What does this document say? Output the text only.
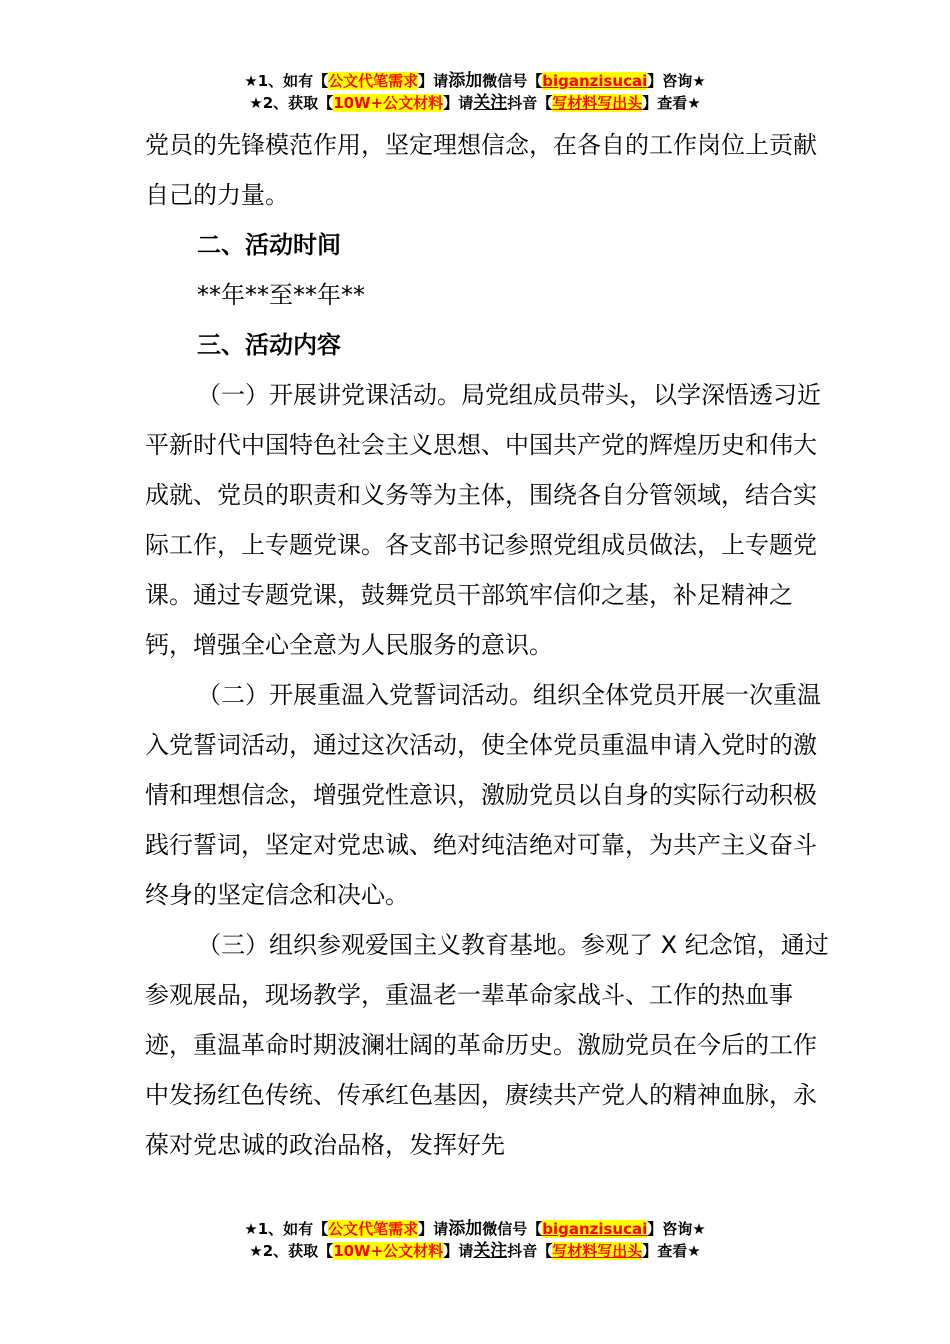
★1、如有【公文代笔需求】请添加微信号【biganzisucai】咨询★
★2、获取【10W+公文材料】请关注抖音【写材料写出头】查看★

党员的先锋模范作用，坚定理想信念，在各自的工作岗位上贡献自己的力量。

二、活动时间

**年**至**年**

三、活动内容

（一）开展讲党课活动。局党组成员带头，以学深悟透习近平新时代中国特色社会主义思想、中国共产党的辉煌历史和伟大成就、党员的职责和义务等为主体，围绕各自分管领域，结合实际工作，上专题党课。各支部书记参照党组成员做法，上专题党课。通过专题党课，鼓舞党员干部筑牢信仰之基，补足精神之钙，增强全心全意为人民服务的意识。

（二）开展重温入党誓词活动。组织全体党员开展一次重温入党誓词活动，通过这次活动，使全体党员重温申请入党时的激情和理想信念，增强党性意识，激励党员以自身的实际行动积极践行誓词，坚定对党忠诚、绝对纯洁绝对可靠，为共产主义奋斗终身的坚定信念和决心。

（三）组织参观爱国主义教育基地。参观了 X 纪念馆，通过参观展品，现场教学，重温老一辈革命家战斗、工作的热血事迹，重温革命时期波澜壮阔的革命历史。激励党员在今后的工作中发扬红色传统、传承红色基因，赓续共产党人的精神血脉，永葆对党忠诚的政治品格，发挥好先

★1、如有【公文代笔需求】请添加微信号【biganzisucai】咨询★
★2、获取【10W+公文材料】请关注抖音【写材料写出头】查看★
